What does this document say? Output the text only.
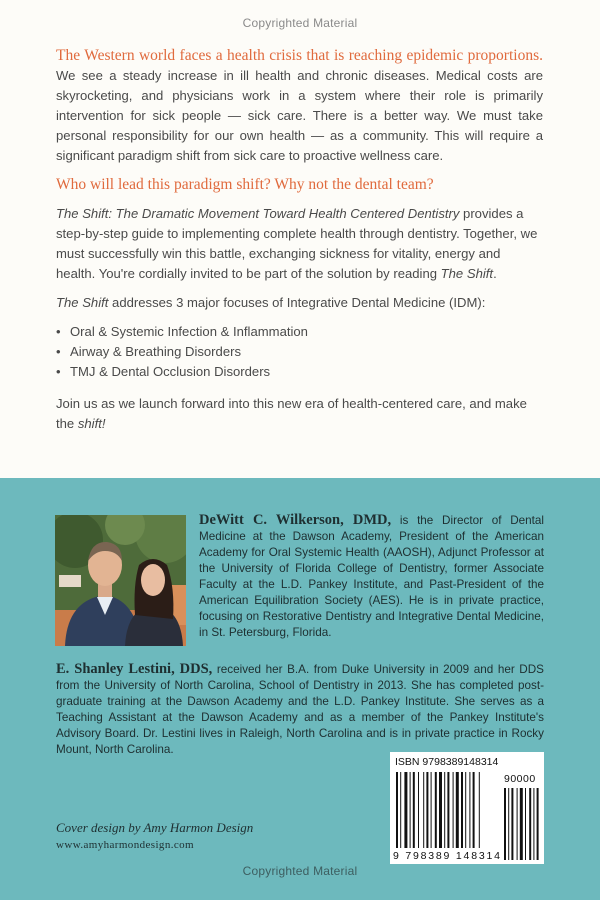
Copyrighted Material

The Western world faces a health crisis that is reaching epidemic proportions. We see a steady increase in ill health and chronic diseases. Medical costs are skyrocketing, and physicians work in a system where their role is primarily intervention for sick people — sick care. There is a better way. We must take personal responsibility for our own health — as a community. This will require a significant paradigm shift from sick care to proactive wellness care.

Who will lead this paradigm shift? Why not the dental team?

The Shift: The Dramatic Movement Toward Health Centered Dentistry provides a step-by-step guide to implementing complete health through dentistry. Together, we must successfully win this battle, exchanging sickness for vitality, energy and health. You're cordially invited to be part of the solution by reading The Shift.

The Shift addresses 3 major focuses of Integrative Dental Medicine (IDM):

• Oral & Systemic Infection & Inflammation
• Airway & Breathing Disorders
• TMJ & Dental Occlusion Disorders

Join us as we launch forward into this new era of health-centered care, and make the shift!

DeWitt C. Wilkerson, DMD, is the Director of Dental Medicine at the Dawson Academy, President of the American Academy for Oral Systemic Health (AAOSH), Adjunct Professor at the University of Florida College of Dentistry, former Associate Faculty at the L.D. Pankey Institute, and Past-President of the American Equilibration Society (AES). He is in private practice, focusing on Restorative Dentistry and Integrative Dental Medicine, in St. Petersburg, Florida.
E. Shanley Lestini, DDS, received her B.A. from Duke University in 2009 and her DDS from the University of North Carolina, School of Dentistry in 2013. She has completed post-graduate training at the Dawson Academy and the L.D. Pankey Institute. She serves as a Teaching Assistant at the Dawson Academy and as a member of the Pankey Institute's Advisory Board. Dr. Lestini lives in Raleigh, North Carolina and is in private practice in Rocky Mount, North Carolina.
ISBN 9798389148314
90000
9 798389 148314
Cover design by Amy Harmon Design
www.amyharmondesign.com
Copyrighted Material
